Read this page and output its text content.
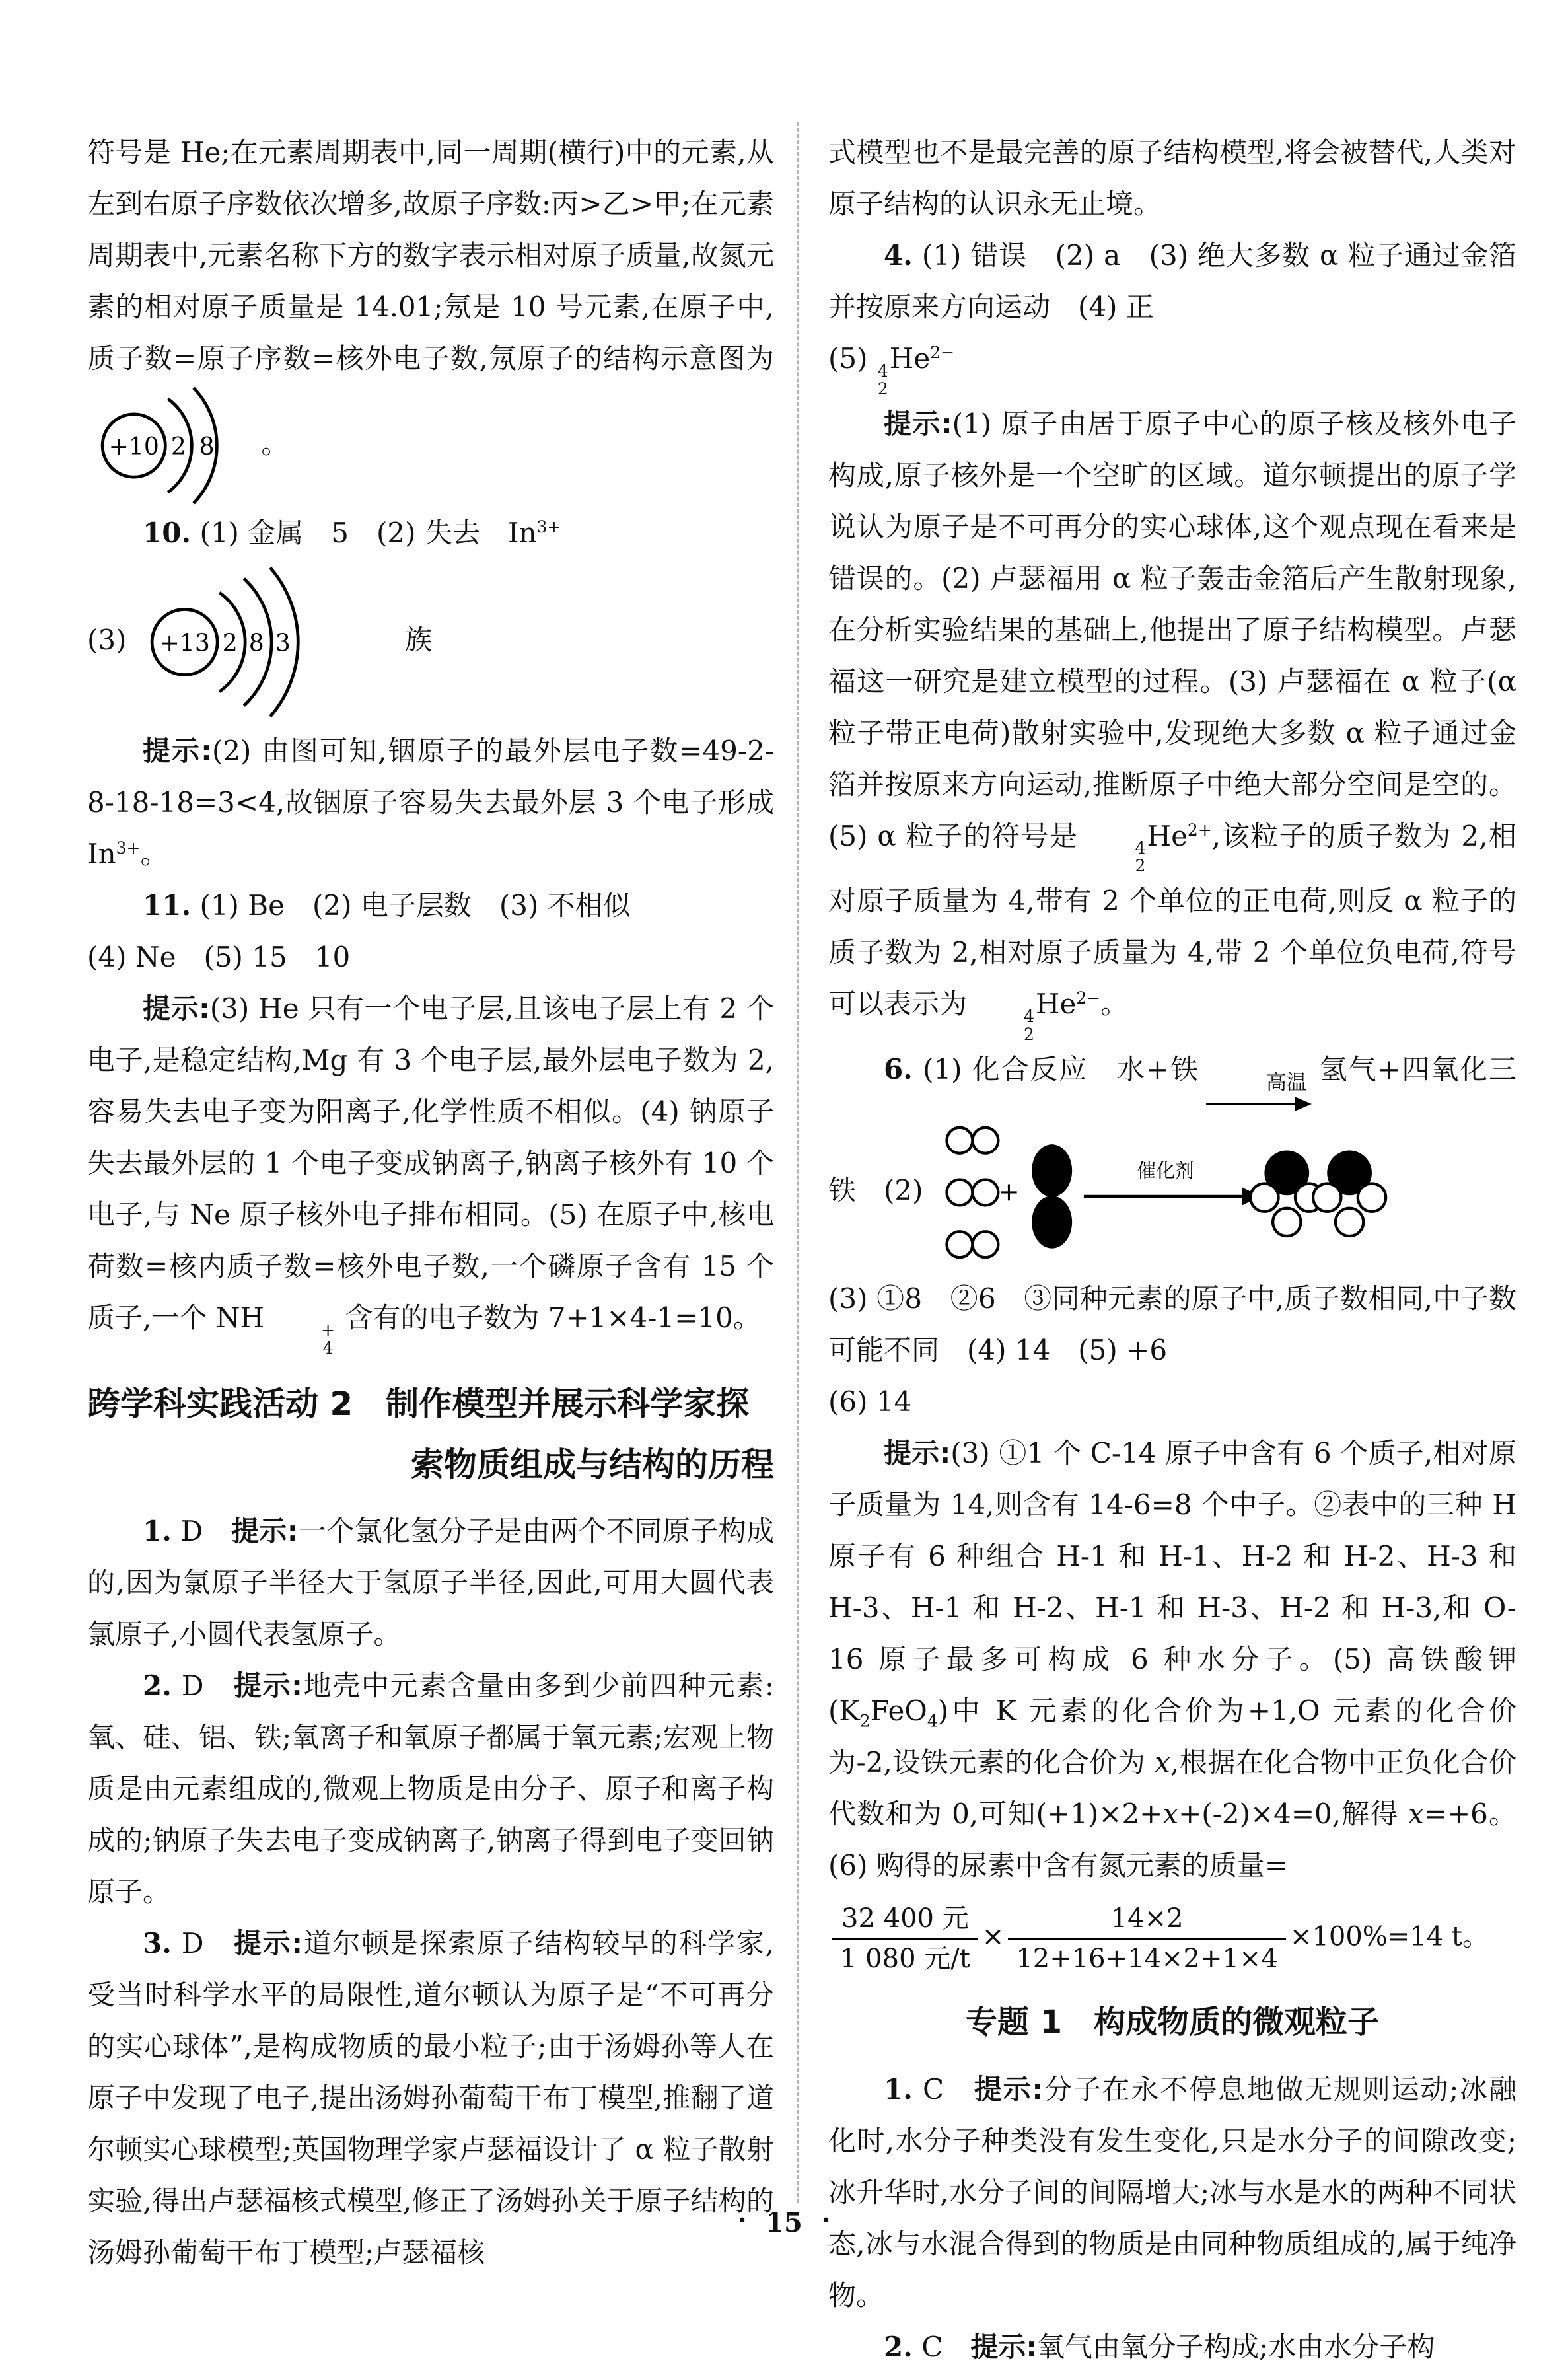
符号是 He;在元素周期表中,同一周期(横行)中的元素,从左到右原子序数依次增多,故原子序数:丙>乙>甲;在元素周期表中,元素名称下方的数字表示相对原子质量,故氮元素的相对原子质量是 14.01;氖是 10 号元素,在原子中,质子数=原子序数=核外电子数,氖原子的结构示意图为
+10 2 8 。

10. (1) 金属　5　(2) 失去　$In^{3+}$

(3) +13 2 8 3	族

提示:(2) 由图可知,铟原子的最外层电子数=49-2-8-18-18=3<4,故铟原子容易失去最外层 3 个电子形成 $In^{3+}$。

11. (1) Be　(2) 电子层数　(3) 不相似

(4) Ne　(5) 15　10

提示:(3) He 只有一个电子层,且该电子层上有 2 个电子,是稳定结构,Mg 有 3 个电子层,最外层电子数为 2,容易失去电子变为阳离子,化学性质不相似。(4) 钠原子失去最外层的 1 个电子变成钠离子,钠离子核外有 10 个电子,与 Ne 原子核外电子排布相同。(5) 在原子中,核电荷数=核内质子数=核外电子数,一个磷原子含有 15 个质子,一个 NH	+
4
含有的电子数为 7+1×4-1=10。

跨学科实践活动 2　制作模型并展示科学家探
索物质组成与结构的历程

1. D　 提示:一个氯化氢分子是由两个不同原子构成的,因为氯原子半径大于氢原子半径,因此,可用大圆代表氯原子,小圆代表氢原子。

2. D　 提示:地壳中元素含量由多到少前四种元素:氧、硅、铝、铁;氧离子和氧原子都属于氧元素;宏观上物质是由元素组成的,微观上物质是由分子、原子和离子构成的;钠原子失去电子变成钠离子,钠离子得到电子变回钠原子。

3. D　 提示:道尔顿是探索原子结构较早的科学家,受当时科学水平的局限性,道尔顿认为原子是“不可再分的实心球体”,是构成物质的最小粒子;由于汤姆孙等人在原子中发现了电子,提出汤姆孙葡萄干布丁模型,推翻了道尔顿实心球模型;英国物理学家卢瑟福设计了 α 粒子散射实验,得出卢瑟福核式模型,修正了汤姆孙关于原子结构的汤姆孙葡萄干布丁模型;卢瑟福核

式模型也不是最完善的原子结构模型,将会被替代,人类对原子结构的认识永无止境。

4. (1) 错误　(2) a　(3) 绝大多数 α 粒子通过金箔并按原来方向运动　(4) 正

(5) 4
2
$He^{2-}$

提示:(1) 原子由居于原子中心的原子核及核外电子构成,原子核外是一个空旷的区域。道尔顿提出的原子学说认为原子是不可再分的实心球体,这个观点现在看来是错误的。(2) 卢瑟福用 α 粒子轰击金箔后产生散射现象,在分析实验结果的基础上,他提出了原子结构模型。卢瑟福这一研究是建立模型的过程。(3) 卢瑟福在 α 粒子(α 粒子带正电荷)散射实验中,发现绝大多数 α 粒子通过金箔并按原来方向运动,推断原子中绝大部分空间是空的。(5) α 粒子的符号是	4
2
$He^{2+}$,该粒子的质子数为 2,相对原子质量为 4,带有 2 个单位的正电荷,则反 α 粒子的质子数为 2,相对原子质量为 4,带 2 个单位负电荷,符号可以表示为	4
2
$He^{2-}$。

6. (1) 化合反应　水+铁	高温 氢气+四氧化三铁　(2) +
催化剂

(3) ①8　②6　③同种元素的原子中,质子数相同,中子数可能不同　(4) 14　(5) +6

(6) 14

提示:(3) ①1 个 C-14 原子中含有 6 个质子,相对原子质量为 14,则含有 14-6=8 个中子。②表中的三种 H 原子有 6 种组合 H-1 和 H-1、H-2 和 H-2、H-3 和 H-3、H-1 和 H-2、H-1 和 H-3、H-2 和 H-3,和 O-16 原子最多可构成 6 种水分子。(5) 高铁酸钾$(K_2FeO_4)$中 K 元素的化合价为+1,O 元素的化合价为-2,设铁元素的化合价为 x,根据在化合物中正负化合价代数和为 0,可知(+1)×2+x+(-2)×4=0,解得 x=+6。(6) 购得的尿素中含有氮元素的质量=

$\frac{\text{32 400 元}}{\text{1 080 元/t}} \times \frac{14\times 2}{12+16+14\times 2+1\times 4} \times 100\%=14$ t。
专题 1　构成物质的微观粒子

1. C　 提示:分子在永不停息地做无规则运动;冰融化时,水分子种类没有发生变化,只是水分子的间隙改变;冰升华时,水分子间的间隔增大;冰与水是水的两种不同状态,冰与水混合得到的物质是由同种物质组成的,属于纯净物。

2. C　 提示:氧气由氧分子构成;水由水分子构

• 15 •
